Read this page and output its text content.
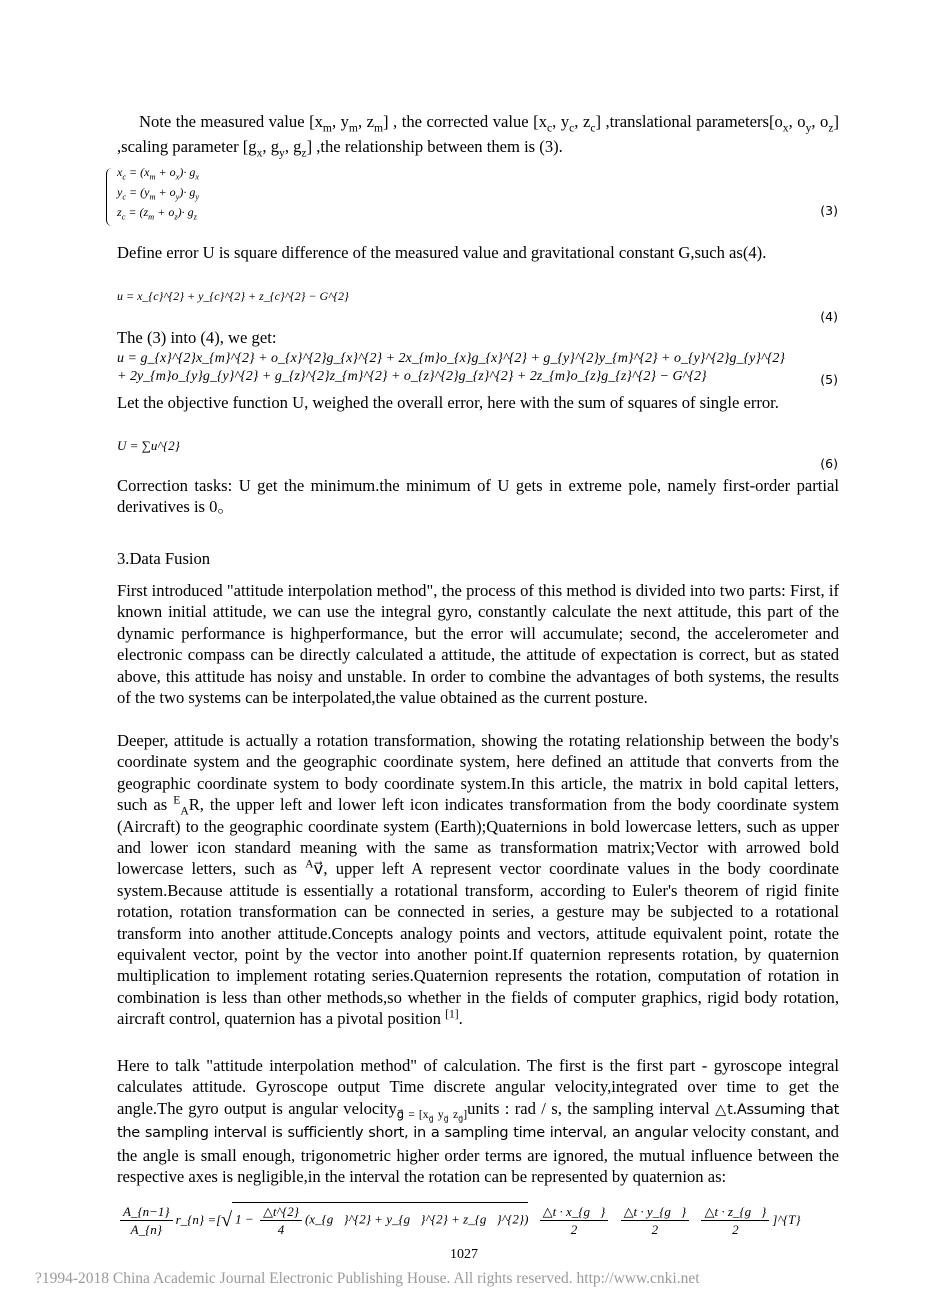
Note the measured value [$x_m$, $y_m$, $z_m$] , the corrected value [$x_c$, $y_c$, $z_c$] ,translational $parameters[o_x$, $o_y$, $o_z$] ,scaling parameter [$g_x$, $g_y$, $g_z$] ,the relationship between them is (3).
$x_c = (x_m + o_x)\cdot g_x$
$y_c = (y_m + o_y)\cdot g_y$
$z_c = (z_m + o_z)\cdot g_z$	(3)
Define error U is square difference of the measured value and gravitational constant G,such as(4).
u = x_{c}^{2} + y_{c}^{2} + z_{c}^{2} − G^{2}
(4)
The (3) into (4), we get:
u = g_{x}^{2}x_{m}^{2} + o_{x}^{2}g_{x}^{2} + 2x_{m}o_{x}g_{x}^{2} + g_{y}^{2}y_{m}^{2} + o_{y}^{2}g_{y}^{2} + 2y_{m}o_{y}g_{y}^{2} + g_{z}^{2}z_{m}^{2} + o_{z}^{2}g_{z}^{2} + 2z_{m}o_{z}g_{z}^{2} − G^{2}	(5)
Let the objective function U, weighed the overall error, here with the sum of squares of single error.
U = ∑u^{2}
(6)
Correction tasks: U get the minimum.the minimum of U gets in extreme pole, namely first-order partial derivatives is 0。
3.Data Fusion
First introduced "attitude interpolation method", the process of this method is divided into two parts: First, if known initial attitude, we can use the integral gyro, constantly calculate the next attitude, this part of the dynamic performance is highperformance, but the error will accumulate; second, the accelerometer and electronic compass can be directly calculated a attitude, the attitude of expectation is correct, but as stated above, this attitude has noisy and unstable. In order to combine the advantages of both systems, the results of the two systems can be interpolated,the value obtained as the current posture.
Deeper, attitude is actually a rotation transformation, showing the rotating relationship between the body's coordinate system and the geographic coordinate system, here defined an attitude that converts from the geographic coordinate system to body coordinate system.In this article, the matrix in bold capital letters, such as $^E_A$R, the upper left and lower left icon indicates transformation from the body coordinate system (Aircraft) to the geographic coordinate system (Earth);Quaternions in bold lowercase letters, such as upper and lower icon standard meaning with the same as transformation matrix;Vector with arrowed bold lowercase letters, such as $^A$v⃗, upper left A represent vector coordinate values in the body coordinate system.Because attitude is essentially a rotational transform, according to Euler's theorem of rigid finite rotation, rotation transformation can be connected in series, a gesture may be subjected to a rotational transform into another attitude.Concepts analogy points and vectors, attitude equivalent point, rotate the equivalent vector, point by the vector into another point.If quaternion represents rotation, by quaternion multiplication to implement rotating series.Quaternion represents the rotation, computation of rotation in combination is less than other methods,so whether in the fields of computer graphics, rigid body rotation, aircraft control, quaternion has a pivotal position [1].
Here to talk "attitude interpolation method" of calculation. The first is the first part - gyroscope integral calculates attitude. Gyroscope output Time discrete angular velocity,integrated over time to get the angle.The gyro output is angular velocity$_{g⃗ = [x_{g⃗} y_{g⃗} z_{g⃗}]}$units : rad / s, the sampling interval △t.Assuming that the sampling interval is sufficiently short, in a sampling time interval, an angular velocity constant, and the angle is small enough, trigonometric higher order terms are ignored, the mutual influence between the respective axes is negligible,in the interval the rotation can be represented by quaternion as:
$\frac{A\_\{n-1\}}{A\_\{n\}}$ r_{n} =[√ $1 - \frac{\triangle t\^{}\{2\}}{4}$ (x_{g⃗}^{2} + y_{g⃗}^{2} + z_{g⃗}^{2}) $\frac{\triangle t \cdot x\_\{g⃗\}}{2}$
$\frac{\triangle t \cdot y\_\{g⃗\}}{2}$
$\frac{\triangle t \cdot z\_\{g⃗\}}{2}$ ]^{T}
1027
?1994-2018 China Academic Journal Electronic Publishing House. All rights reserved. http://www.cnki.net
